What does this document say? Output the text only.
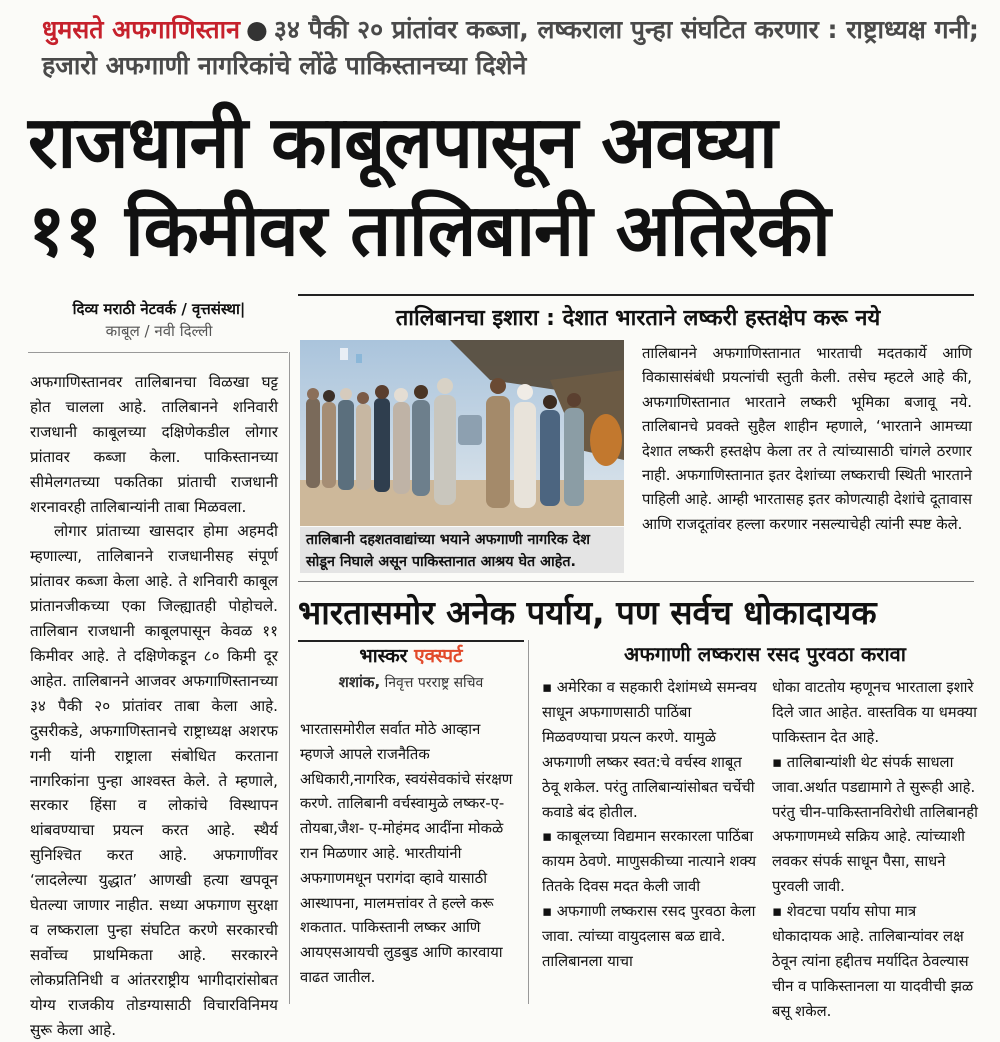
धुमसते अफगाणिस्तान ● ३४ पैकी २० प्रांतांवर कब्जा, लष्कराला पुन्हा संघटित करणार : राष्ट्राध्यक्ष गनी; हजारो अफगाणी नागरिकांचे लोंढे पाकिस्तानच्या दिशेने
राजधानी काबूलपासून अवघ्या
११ किमीवर तालिबानी अतिरेकी
दिव्य मराठी नेटवर्क / वृत्तसंस्था|
काबूल / नवी दिल्ली

अफगाणिस्तानवर तालिबानचा विळखा घट्ट होत चालला आहे. तालिबानने शनिवारी राजधानी काबूलच्या दक्षिणेकडील लोगार प्रांतावर कब्जा केला. पाकिस्तानच्या सीमेलगतच्या पकतिका प्रांताची राजधानी शरनावरही तालिबान्यांनी ताबा मिळवला.

लोगार प्रांताच्या खासदार होमा अहमदी म्हणाल्या, तालिबानने राजधानीसह संपूर्ण प्रांतावर कब्जा केला आहे. ते शनिवारी काबूल प्रांतानजीकच्या एका जिल्ह्यातही पोहोचले. तालिबान राजधानी काबूलपासून केवळ ११ किमीवर आहे. ते दक्षिणेकडून ८० किमी दूर आहेत. तालिबानने आजवर अफगाणिस्तानच्या ३४ पैकी २० प्रांतांवर ताबा केला आहे. दुसरीकडे, अफगाणिस्तानचे राष्ट्राध्यक्ष अशरफ गनी यांनी राष्ट्राला संबोधित करताना नागरिकांना पुन्हा आश्वस्त केले. ते म्हणाले, सरकार हिंसा व लोकांचे विस्थापन थांबवण्याचा प्रयत्न करत आहे. स्थैर्य सुनिश्चित करत आहे. अफगाणींवर ‘लादलेल्या युद्धात’ आणखी हत्या खपवून घेतल्या जाणार नाहीत. सध्या अफगाण सुरक्षा व लष्कराला पुन्हा संघटित करणे सरकारची सर्वोच्च प्राथमिकता आहे. सरकारने लोकप्रतिनिधी व आंतरराष्ट्रीय भागीदारांसोबत योग्य राजकीय तोडग्यासाठी विचारविनिमय सुरू केला आहे.

तालिबानचा इशारा : देशात भारताने लष्करी हस्तक्षेप करू नये
तालिबानी दहशतवाद्यांच्या भयाने अफगाणी नागरिक देश सोडून निघाले असून पाकिस्तानात आश्रय घेत आहेत.
तालिबानने अफगाणिस्तानात भारताची मदतकार्ये आणि विकासासंबंधी प्रयत्नांची स्तुती केली. तसेच म्हटले आहे की, अफगाणिस्तानात भारताने लष्करी भूमिका बजावू नये. तालिबानचे प्रवक्ते सुहैल शाहीन म्हणाले, ‘भारताने आमच्या देशात लष्करी हस्तक्षेप केला तर ते त्यांच्यासाठी चांगले ठरणार नाही. अफगाणिस्तानात इतर देशांच्या लष्कराची स्थिती भारताने पाहिली आहे. आम्ही भारतासह इतर कोणत्याही देशांचे दूतावास आणि राजदूतांवर हल्ला करणार नसल्याचेही त्यांनी स्पष्ट केले.
भारतासमोर अनेक पर्याय, पण सर्वच धोकादायक
भास्कर एक्स्पर्ट
शशांक, निवृत्त परराष्ट्र सचिव
भारतासमोरील सर्वात मोठे आव्हान म्हणजे आपले राजनैतिक अधिकारी,नागरिक, स्वयंसेवकांचे संरक्षण करणे. तालिबानी वर्चस्वामुळे लष्कर-ए-तोयबा,जैश- ए-मोहंमद आदींना मोकळे रान मिळणार आहे. भारतीयांनी अफगाणमधून परागंदा व्हावे यासाठी आस्थापना, मालमत्तांवर ते हल्ले करू शकतात. पाकिस्तानी लष्कर आणि आयएसआयची लुडबुड आणि कारवाया वाढत जातील.
अफगाणी लष्करास रसद पुरवठा करावा

▪ अमेरिका व सहकारी देशांमध्ये समन्वय साधून अफगाणसाठी पाठिंबा मिळवण्याचा प्रयत्न करणे. यामुळे अफगाणी लष्कर स्वत:चे वर्चस्व शाबूत ठेवू शकेल. परंतु तालिबान्यांसोबत चर्चेची कवाडे बंद होतील.

▪ काबूलच्या विद्यमान सरकारला पाठिंबा कायम ठेवणे. माणुसकीच्या नात्याने शक्य तितके दिवस मदत केली जावी

▪ अफगाणी लष्करास रसद पुरवठा केला जावा. त्यांच्या वायुदलास बळ द्यावे. तालिबानला याचा

धोका वाटतोय म्हणूनच भारताला इशारे दिले जात आहेत. वास्तविक या धमक्या पाकिस्तान देत आहे.

▪ तालिबान्यांशी थेट संपर्क साधला जावा.अर्थात पडद्यामागे ते सुरूही आहे. परंतु चीन-पाकिस्तानविरोधी तालिबानही अफगाणमध्ये सक्रिय आहे. त्यांच्याशी लवकर संपर्क साधून पैसा, साधने पुरवली जावी.

▪ शेवटचा पर्याय सोपा मात्र धोकादायक आहे. तालिबान्यांवर लक्ष ठेवून त्यांना हद्दीतच मर्यादित ठेवल्यास चीन व पाकिस्तानला या यादवीची झळ बसू शकेल.
